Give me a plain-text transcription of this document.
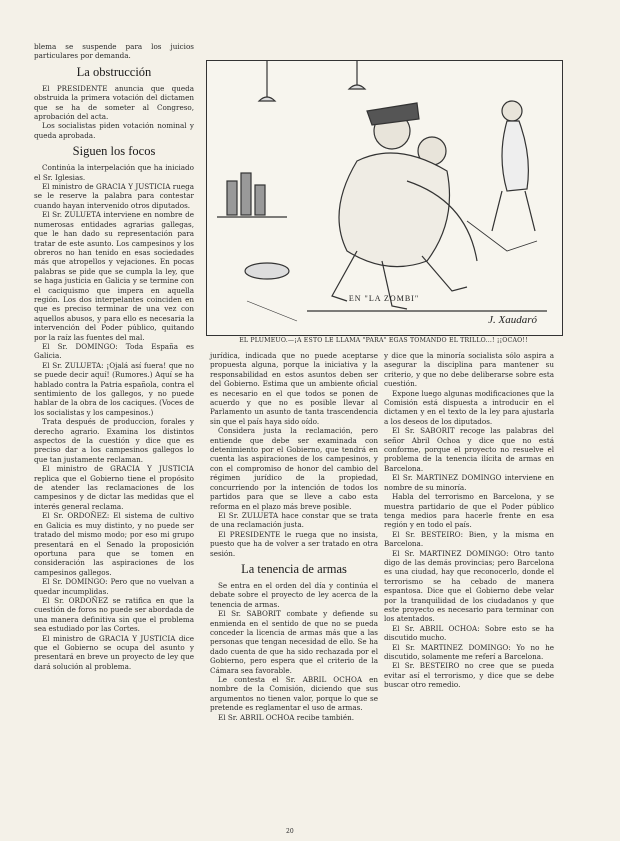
blema se suspende para los juicios particulares por demanda.

La obstrucción

El PRESIDENTE anuncia que queda obstruida la primera votación del dictamen que se ha de someter al Congreso, aprobación del acta.

Los socialistas piden votación nominal y queda aprobada.

Siguen los focos

Continúa la interpelación que ha iniciado el Sr. Iglesias.

El ministro de GRACIA Y JUSTICIA ruega se le reserve la palabra para contestar cuando hayan intervenido otros diputados.

El Sr. ZULUETA interviene en nombre de numerosas entidades agrarias gallegas, que le han dado su representación para tratar de este asunto. Los campesinos y los obreros no han tenido en esas sociedades más que atropellos y vejaciones. En pocas palabras se pide que se cumpla la ley, que se haga justicia en Galicia y se termine con el caciquismo que impera en aquella región. Los dos interpelantes coinciden en que es preciso terminar de una vez con aquellos abusos, y para ello es necesaria la intervención del Poder público, quitando por la raíz las fuentes del mal.

El Sr. DOMINGO: Toda España es Galicia.

El Sr. ZULUETA: ¡Ojalá así fuera! que no se puede decir aquí! (Rumores.) Aquí se ha hablado contra la Patria española, contra el sentimiento de los gallegos, y no puede hablar de la obra de los caciques. (Voces de los socialistas y los campesinos.)

Trata después de produccion, forales y derecho agrario. Examina los distintos aspectos de la cuestión y dice que es preciso dar a los campesinos gallegos lo que tan justamente reclaman.

El ministro de GRACIA Y JUSTICIA replica que el Gobierno tiene el propósito de atender las reclamaciones de los campesinos y de dictar las medidas que el interés general reclama.

El Sr. ORDOÑEZ: El sistema de cultivo en Galicia es muy distinto, y no puede ser tratado del mismo modo; por eso mi grupo presentará en el Senado la proposición oportuna para que se tomen en consideración las aspiraciones de los campesinos gallegos.

El Sr. DOMINGO: Pero que no vuelvan a quedar incumplidas.

El Sr. ORDOÑEZ se ratifica en que la cuestión de foros no puede ser abordada de una manera definitiva sin que el problema sea estudiado por las Cortes.

El ministro de GRACIA Y JUSTICIA dice que el Gobierno se ocupa del asunto y presentará en breve un proyecto de ley que dará solución al problema.

EN "LA ZOMBI"
J. Xaudaró
EL PLUMEUO.—¡A ESTO LE LLAMA "PARA" EGAS TOMANDO EL TRILLO...! ¡¡OCAO!!

jurídica, indicada que no puede aceptarse propuesta alguna, porque la iniciativa y la responsabilidad en estos asuntos deben ser del Gobierno. Estima que un ambiente oficial es necesario en el que todos se ponen de acuerdo y que no es posible llevar al Parlamento un asunto de tanta trascendencia sin que el país haya sido oído.

Considera justa la reclamación, pero entiende que debe ser examinada con detenimiento por el Gobierno, que tendrá en cuenta las aspiraciones de los campesinos, y con el compromiso de honor del cambio del régimen jurídico de la propiedad, concurriendo por la intención de todos los partidos para que se lleve a cabo esta reforma en el plazo más breve posible.

El Sr. ZULUETA hace constar que se trata de una reclamación justa.

El PRESIDENTE le ruega que no insista, puesto que ha de volver a ser tratado en otra sesión.

La tenencia de armas

Se entra en el orden del día y continúa el debate sobre el proyecto de ley acerca de la tenencia de armas.

El Sr. SABORIT combate y defiende su enmienda en el sentido de que no se pueda conceder la licencia de armas más que a las personas que tengan necesidad de ello. Se ha dado cuenta de que ha sido rechazada por el Gobierno, pero espera que el criterio de la Cámara sea favorable.

Le contesta el Sr. ABRIL OCHOA en nombre de la Comisión, diciendo que sus argumentos no tienen valor, porque lo que se pretende es reglamentar el uso de armas.

El Sr. ABRIL OCHOA recibe también.

y dice que la minoría socialista sólo aspira a asegurar la disciplina para mantener su criterio, y que no debe deliberarse sobre esta cuestión.

Expone luego algunas modificaciones que la Comisión está dispuesta a introducir en el dictamen y en el texto de la ley para ajustarla a los deseos de los diputados.

El Sr. SABORIT recoge las palabras del señor Abril Ochoa y dice que no está conforme, porque el proyecto no resuelve el problema de la tenencia ilícita de armas en Barcelona.

El Sr. MARTINEZ DOMINGO interviene en nombre de su minoría.

Habla del terrorismo en Barcelona, y se muestra partidario de que el Poder público tenga medios para hacerle frente en esa región y en todo el país.

El Sr. BESTEIRO: Bien, y la misma en Barcelona.

El Sr. MARTINEZ DOMINGO: Otro tanto digo de las demás provincias; pero Barcelona es una ciudad, hay que reconocerlo, donde el terrorismo se ha cebado de manera espantosa. Dice que el Gobierno debe velar por la tranquilidad de los ciudadanos y que este proyecto es necesario para terminar con los atentados.

El Sr. ABRIL OCHOA: Sobre esto se ha discutido mucho.

El Sr. MARTINEZ DOMINGO: Yo no he discutido, solamente me referí a Barcelona.

El Sr. BESTEIRO no cree que se pueda evitar así el terrorismo, y dice que se debe buscar otro remedio.

20
